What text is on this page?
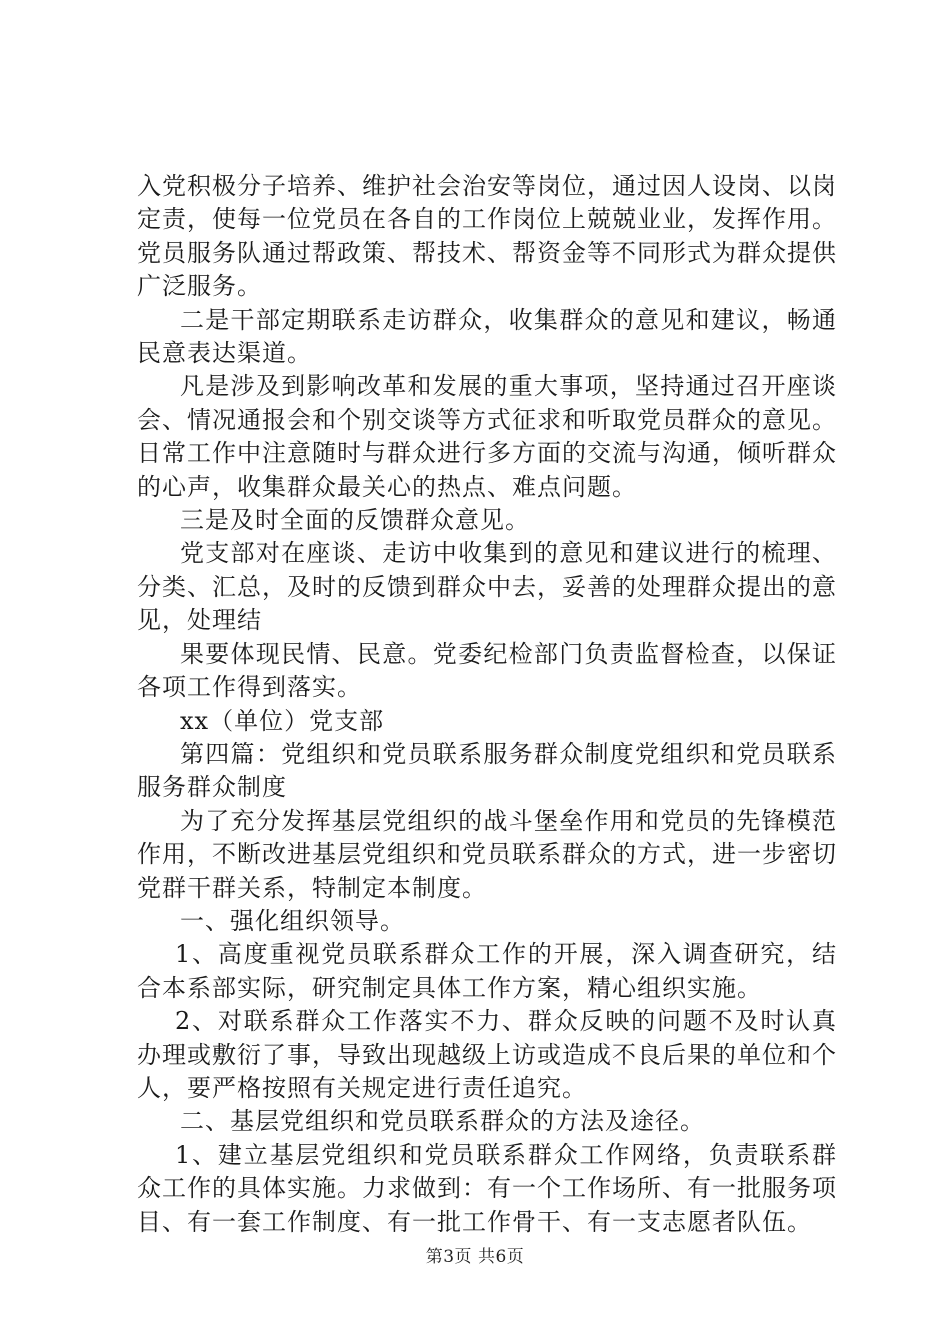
入党积极分子培养、维护社会治安等岗位，通过因人设岗、以岗定责，使每一位党员在各自的工作岗位上兢兢业业，发挥作用。党员服务队通过帮政策、帮技术、帮资金等不同形式为群众提供广泛服务。

二是干部定期联系走访群众，收集群众的意见和建议，畅通民意表达渠道。

凡是涉及到影响改革和发展的重大事项，坚持通过召开座谈会、情况通报会和个别交谈等方式征求和听取党员群众的意见。日常工作中注意随时与群众进行多方面的交流与沟通，倾听群众的心声，收集群众最关心的热点、难点问题。

三是及时全面的反馈群众意见。

党支部对在座谈、走访中收集到的意见和建议进行的梳理、分类、汇总，及时的反馈到群众中去，妥善的处理群众提出的意见，处理结

果要体现民情、民意。党委纪检部门负责监督检查，以保证各项工作得到落实。

xx（单位）党支部

第四篇：党组织和党员联系服务群众制度党组织和党员联系服务群众制度

为了充分发挥基层党组织的战斗堡垒作用和党员的先锋模范作用，不断改进基层党组织和党员联系群众的方式，进一步密切党群干群关系，特制定本制度。

一、强化组织领导。

1、高度重视党员联系群众工作的开展，深入调查研究，结合本系部实际，研究制定具体工作方案，精心组织实施。

2、对联系群众工作落实不力、群众反映的问题不及时认真办理或敷衍了事，导致出现越级上访或造成不良后果的单位和个人，要严格按照有关规定进行责任追究。

二、基层党组织和党员联系群众的方法及途径。

1、建立基层党组织和党员联系群众工作网络，负责联系群众工作的具体实施。力求做到：有一个工作场所、有一批服务项目、有一套工作制度、有一批工作骨干、有一支志愿者队伍。

第3页 共6页
